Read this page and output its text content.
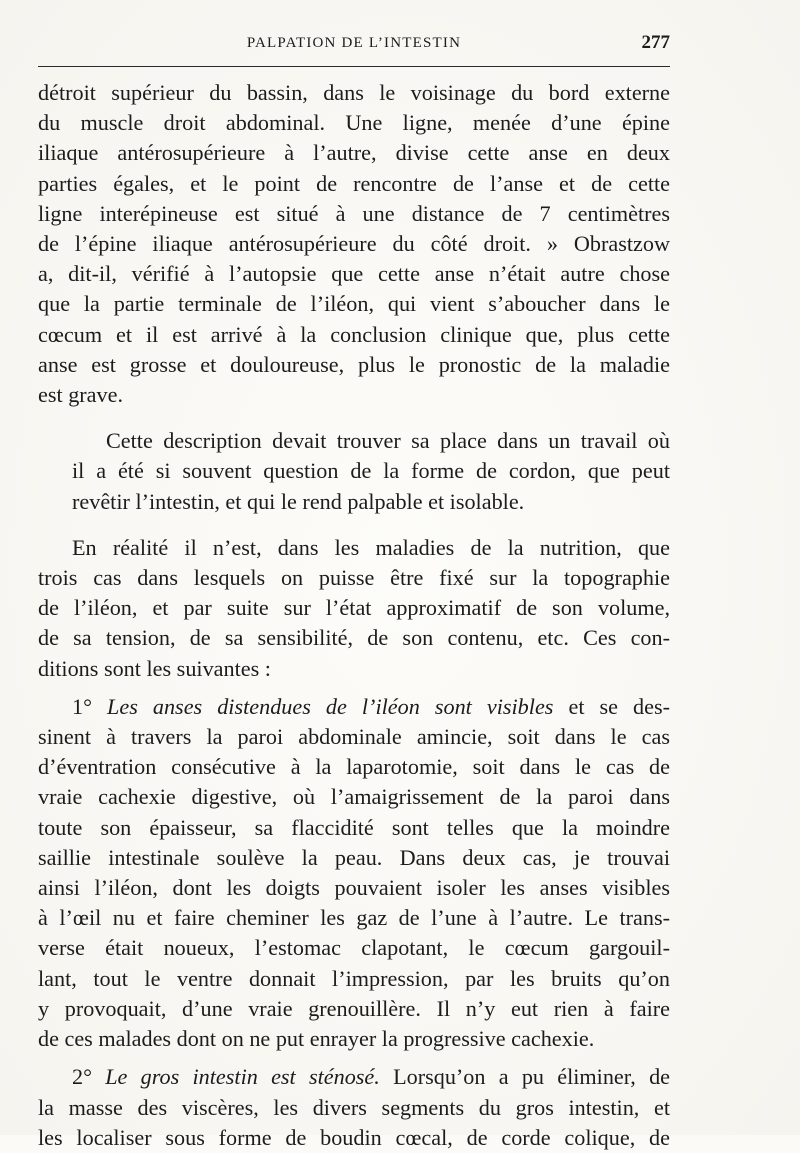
PALPATION DE L’INTESTIN	277

détroit supérieur du bassin, dans le voisinage du bord externe
du muscle droit abdominal. Une ligne, menée d’une épine
iliaque antérosupérieure à l’autre, divise cette anse en deux
parties égales, et le point de rencontre de l’anse et de cette
ligne interépineuse est situé à une distance de 7 centimètres
de l’épine iliaque antérosupérieure du côté droit. » Obrastzow
a, dit-il, vérifié à l’autopsie que cette anse n’était autre chose
que la partie terminale de l’iléon, qui vient s’aboucher dans le
cœcum et il est arrivé à la conclusion clinique que, plus cette
anse est grosse et douloureuse, plus le pronostic de la maladie
est grave.

Cette description devait trouver sa place dans un travail où
il a été si souvent question de la forme de cordon, que peut
revêtir l’intestin, et qui le rend palpable et isolable.

En réalité il n’est, dans les maladies de la nutrition, que
trois cas dans lesquels on puisse être fixé sur la topographie
de l’iléon, et par suite sur l’état approximatif de son volume,
de sa tension, de sa sensibilité, de son contenu, etc. Ces con-
ditions sont les suivantes :

1° Les anses distendues de l’iléon sont visibles et se des-
sinent à travers la paroi abdominale amincie, soit dans le cas
d’éventration consécutive à la laparotomie, soit dans le cas de
vraie cachexie digestive, où l’amaigrissement de la paroi dans
toute son épaisseur, sa flaccidité sont telles que la moindre
saillie intestinale soulève la peau. Dans deux cas, je trouvai
ainsi l’iléon, dont les doigts pouvaient isoler les anses visibles
à l’œil nu et faire cheminer les gaz de l’une à l’autre. Le trans-
verse était noueux, l’estomac clapotant, le cœcum gargouil-
lant, tout le ventre donnait l’impression, par les bruits qu’on
y provoquait, d’une vraie grenouillère. Il n’y eut rien à faire
de ces malades dont on ne put enrayer la progressive cachexie.

2° Le gros intestin est sténosé. Lorsqu’on a pu éliminer, de
la masse des viscères, les divers segments du gros intestin, et
les localiser sous forme de boudin cœcal, de corde colique, de
